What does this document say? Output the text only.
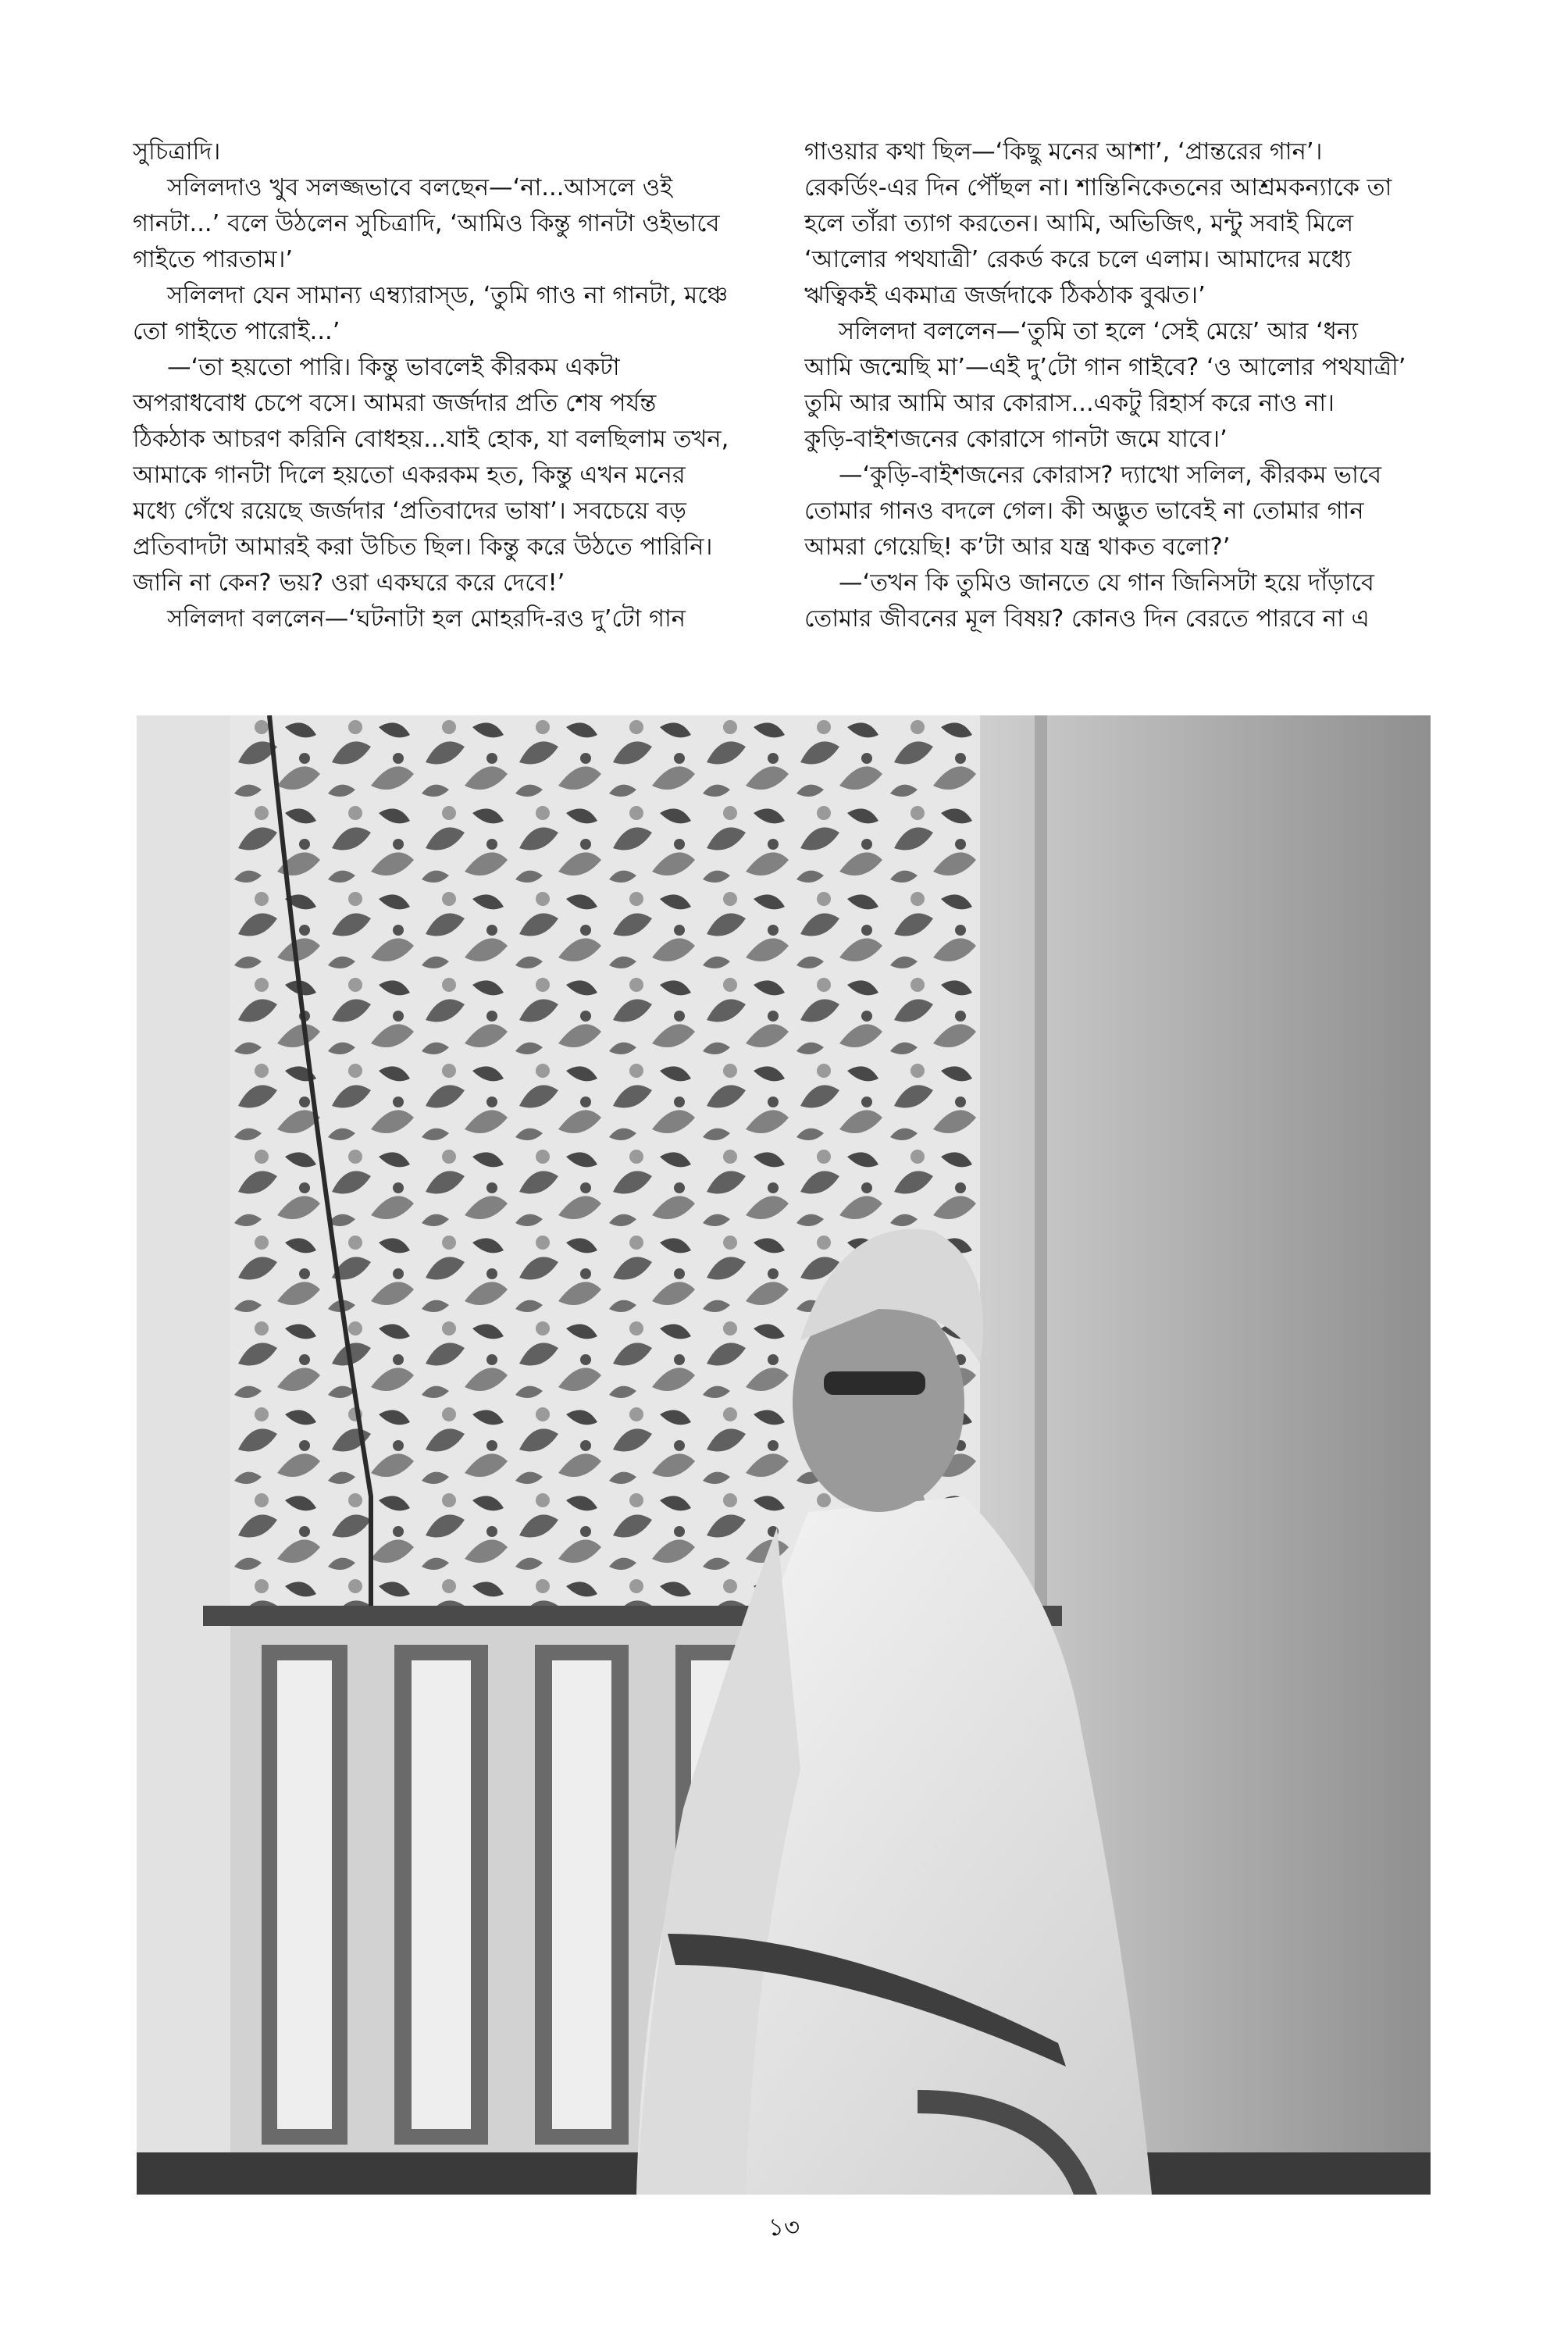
সুচিত্রাদি।
সলিলদাও খুব সলজ্জভাবে বলছেন—‘না...আসলে ওই
গানটা...’ বলে উঠলেন সুচিত্রাদি, ‘আমিও কিন্তু গানটা ওইভাবে
গাইতে পারতাম।’
সলিলদা যেন সামান্য এম্ব্যারাস্‌ড, ‘তুমি গাও না গানটা, মঞ্চে
তো গাইতে পারোই...’
—‘তা হয়তো পারি। কিন্তু ভাবলেই কীরকম একটা
অপরাধবোধ চেপে বসে। আমরা জর্জদার প্রতি শেষ পর্যন্ত
ঠিকঠাক আচরণ করিনি বোধহয়...যাই হোক, যা বলছিলাম তখন,
আমাকে গানটা দিলে হয়তো একরকম হত, কিন্তু এখন মনের
মধ্যে গেঁথে রয়েছে জর্জদার ‘প্রতিবাদের ভাষা’। সবচেয়ে বড়
প্রতিবাদটা আমারই করা উচিত ছিল। কিন্তু করে উঠতে পারিনি।
জানি না কেন? ভয়? ওরা একঘরে করে দেবে!’
সলিলদা বললেন—‘ঘটনাটা হল মোহরদি-রও দু’টো গান
গাওয়ার কথা ছিল—‘কিছু মনের আশা’, ‘প্রান্তরের গান’।
রেকর্ডিং-এর দিন পৌঁছল না। শান্তিনিকেতনের আশ্রমকন্যাকে তা
হলে তাঁরা ত্যাগ করতেন। আমি, অভিজিৎ, মন্টু সবাই মিলে
‘আলোর পথযাত্রী’ রেকর্ড করে চলে এলাম। আমাদের মধ্যে
ঋত্বিকই একমাত্র জর্জদাকে ঠিকঠাক বুঝত।’
সলিলদা বললেন—‘তুমি তা হলে ‘সেই মেয়ে’ আর ‘ধন্য
আমি জন্মেছি মা’—এই দু’টো গান গাইবে? ‘ও আলোর পথযাত্রী’
তুমি আর আমি আর কোরাস...একটু রিহার্স করে নাও না।
কুড়ি-বাইশজনের কোরাসে গানটা জমে যাবে।’
—‘কুড়ি-বাইশজনের কোরাস? দ্যাখো সলিল, কীরকম ভাবে
তোমার গানও বদলে গেল। কী অদ্ভুত ভাবেই না তোমার গান
আমরা গেয়েছি! ক’টা আর যন্ত্র থাকত বলো?’
—‘তখন কি তুমিও জানতে যে গান জিনিসটা হয়ে দাঁড়াবে
তোমার জীবনের মূল বিষয়? কোনও দিন বেরতে পারবে না এ
১৩
